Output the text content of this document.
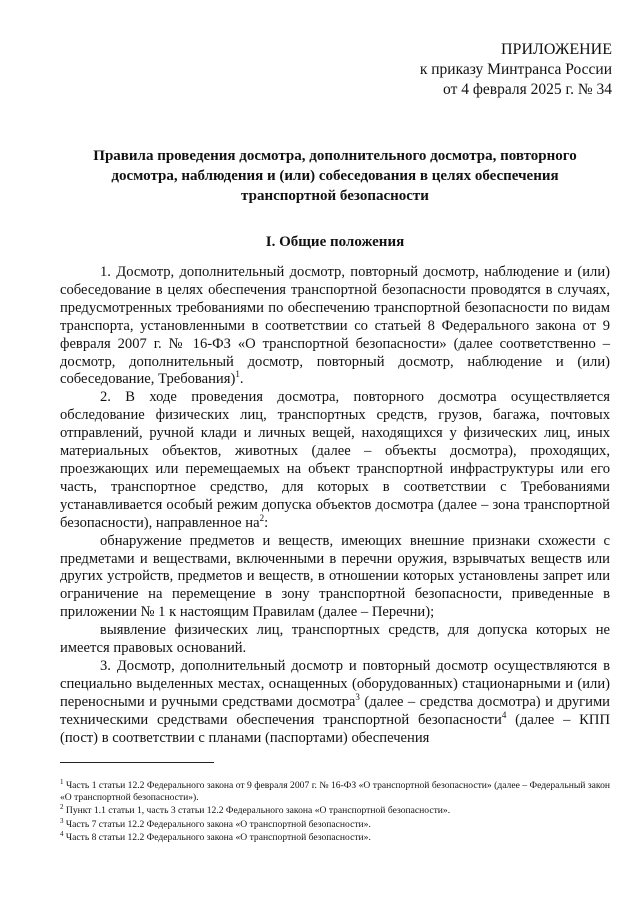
ПРИЛОЖЕНИЕ
к приказу Минтранса России
от 4 февраля 2025 г. № 34
Правила проведения досмотра, дополнительного досмотра, повторного
досмотра, наблюдения и (или) собеседования в целях обеспечения
транспортной безопасности
I. Общие положения

1. Досмотр, дополнительный досмотр, повторный досмотр, наблюдение и (или) собеседование в целях обеспечения транспортной безопасности проводятся в случаях, предусмотренных требованиями по обеспечению транспортной безопасности по видам транспорта, установленными в соответствии со статьей 8 Федерального закона от 9 февраля 2007 г. № 16-ФЗ «О транспортной безопасности» (далее соответственно – досмотр, дополнительный досмотр, повторный досмотр, наблюдение и (или) собеседование, Требования)$^1$.

2. В ходе проведения досмотра, повторного досмотра осуществляется обследование физических лиц, транспортных средств, грузов, багажа, почтовых отправлений, ручной клади и личных вещей, находящихся у физических лиц, иных материальных объектов, животных (далее – объекты досмотра), проходящих, проезжающих или перемещаемых на объект транспортной инфраструктуры или его часть, транспортное средство, для которых в соответствии с Требованиями устанавливается особый режим допуска объектов досмотра (далее – зона транспортной безопасности), направленное $на^2$:

обнаружение предметов и веществ, имеющих внешние признаки схожести с предметами и веществами, включенными в перечни оружия, взрывчатых веществ или других устройств, предметов и веществ, в отношении которых установлены запрет или ограничение на перемещение в зону транспортной безопасности, приведенные в приложении № 1 к настоящим Правилам (далее – Перечни);

выявление физических лиц, транспортных средств, для допуска которых не имеется правовых оснований.

3. Досмотр, дополнительный досмотр и повторный досмотр осуществляются в специально выделенных местах, оснащенных (оборудованных) стационарными и (или) переносными и ручными средствами досмотра$^3$ (далее – средства досмотра) и другими техническими средствами обеспечения транспортной безопасности$^4$ (далее – КПП (пост) в соответствии с планами (паспортами) обеспечения

$^1$ Часть 1 статьи 12.2 Федерального закона от 9 февраля 2007 г. № 16-ФЗ «О транспортной безопасности» (далее – Федеральный закон «О транспортной безопасности»).

$^2$ Пункт 1.1 статьи 1, часть 3 статьи 12.2 Федерального закона «О транспортной безопасности».

$^3$ Часть 7 статьи 12.2 Федерального закона «О транспортной безопасности».

$^4$ Часть 8 статьи 12.2 Федерального закона «О транспортной безопасности».
